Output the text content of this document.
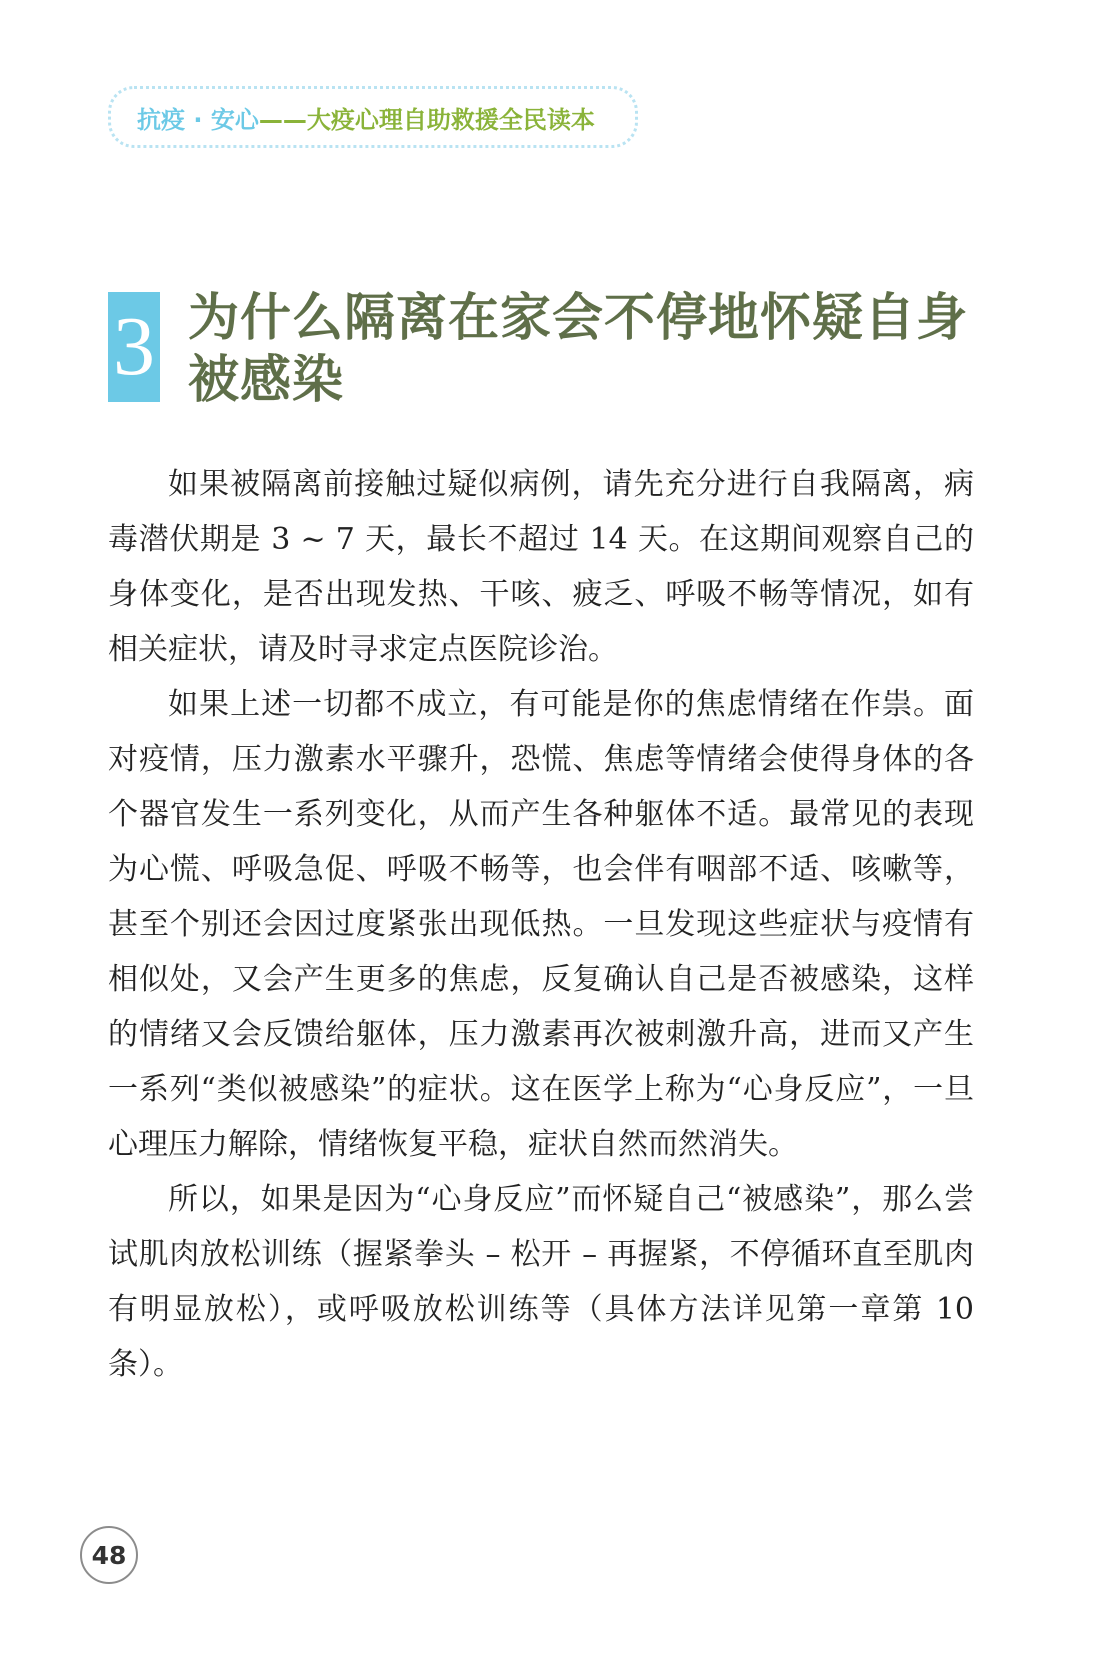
抗疫 · 安心 ——大疫心理自助救援全民读本
3 为什么隔离在家会不停地怀疑自身被感染

如果被隔离前接触过疑似病例，请先充分进行自我隔离，病毒潜伏期是 3 ~ 7 天，最长不超过 14 天。在这期间观察自己的身体变化，是否出现发热、干咳、疲乏、呼吸不畅等情况，如有相关症状，请及时寻求定点医院诊治。

如果上述一切都不成立，有可能是你的焦虑情绪在作祟。面对疫情，压力激素水平骤升，恐慌、焦虑等情绪会使得身体的各个器官发生一系列变化，从而产生各种躯体不适。最常见的表现为心慌、呼吸急促、呼吸不畅等，也会伴有咽部不适、咳嗽等，甚至个别还会因过度紧张出现低热。一旦发现这些症状与疫情有相似处，又会产生更多的焦虑，反复确认自己是否被感染，这样的情绪又会反馈给躯体，压力激素再次被刺激升高，进而又产生一系列“类似被感染”的症状。这在医学上称为“心身反应”，一旦心理压力解除，情绪恢复平稳，症状自然而然消失。

所以，如果是因为“心身反应”而怀疑自己“被感染”，那么尝试肌肉放松训练（握紧拳头 – 松开 – 再握紧，不停循环直至肌肉有明显放松），或呼吸放松训练等（具体方法详见第一章第 10 条）。

48
